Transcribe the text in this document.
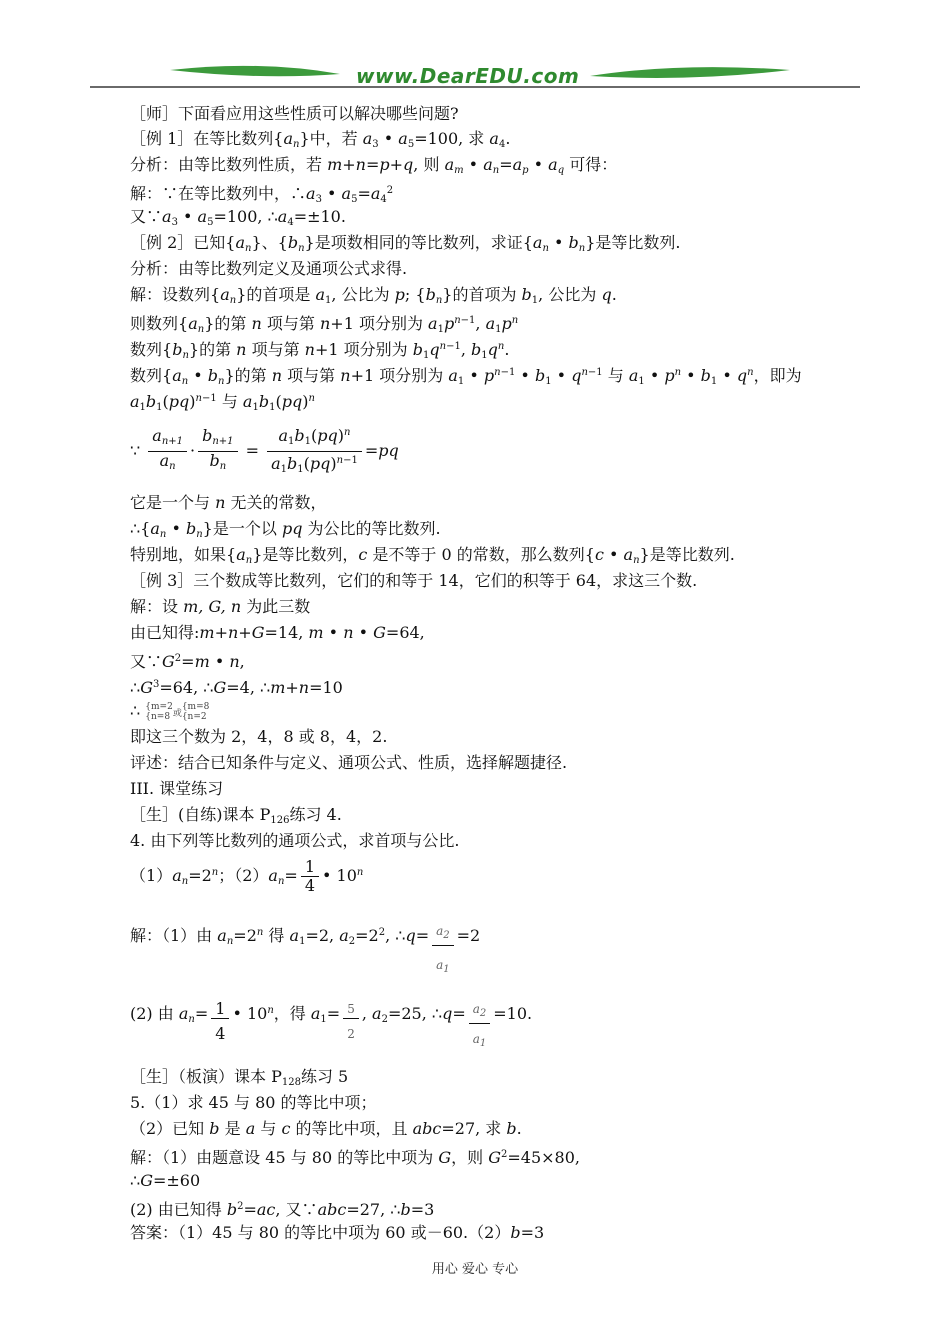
www.DearEDU.com
［师］下面看应用这些性质可以解决哪些问题?
［例 1］在等比数列$\{a_n\}$中，若 $a_3$ • $a_5=100$, 求 $a_4$.
分析：由等比数列性质，若 m+n=p+q, 则 $a_m$ • $a_n=a_p$ • $a_q$ 可得：
解：∵在等比数列中，$\therefore a_3$ • $a_5=a_4^2$
又$\because a_3$ • $a_5=100$, $\therefore a_4=\pm 10$.
［例 2］已知$\{a_n\}$、$\{b_n\}$是项数相同的等比数列，求证{$a_n$ • $b_n$}是等比数列.
分析：由等比数列定义及通项公式求得.
解：设数列$\{a_n\}$的首项是 $a_1$, 公比为 p; $\{b_n\}$的首项为 $b_1$, 公比为 q.
则数列$\{a_n\}$的第 n 项与第 n+1 项分别为 $a_1p^{n-1}$, $a_1p^n$
数列$\{b_n\}$的第 n 项与第 n+1 项分别为 $b_1q^{n-1}$, $b_1q^n$.
数列{$a_n$ • $b_n$}的第 n 项与第 n+1 项分别为 $a_1$ • $p^{n-1}$ • $b_1$ • $q^{n-1}$ 与 $a_1$ • $p^n$ • $b_1$ • $q^n$，即为
$a_1b_1(pq)^{n-1}$ 与 $a_1b_1(pq)^n$
∵ $\frac{a_{n+1}}{a_n} \cdot \frac{b_{n+1}}{b_n} = \frac{a_1b_1(pq)^n}{a_1b_1(pq)^{n-1}} =pq$
它是一个与 n 无关的常数，
$\therefore\{a_n$ • $b_n$}是一个以 pq 为公比的等比数列.
特别地，如果$\{a_n\}$是等比数列，c 是不等于 0 的常数，那么数列{c • $a_n$}是等比数列.
［例 3］三个数成等比数列，它们的和等于 14，它们的积等于 64，求这三个数.
解：设 m, G, n 为此三数
由已知得:m+n+G=14, m • n • G=64,
又$\because G^2=m$ • n,
$\therefore G^3=64$, ∴G=4, ∴m+n=10
∴ {m=2
{n=8 或{m=8
{n=2
即这三个数为 2，4，8 或 8，4，2.
评述：结合已知条件与定义、通项公式、性质，选择解题捷径.
III. 课堂练习
［生］(自练)课本 $P_{126}$练习 4.
4. 由下列等比数列的通项公式，求首项与公比.
$(1)a_n=2^n$；$(2)a_n= \frac{1}{4}$ • 10$^n$
解：（1）由 $a_n=2^n$ 得 $a_1=2$, $a_2=2^2$, ∴q= $\frac{a_2}{a_1} =2$
(2) 由 $a_n= \frac{1}{4}$ • 10$^n$，得 $a_1= \frac{5}{2}$ , $a_2=25$, ∴q= $\frac{a_2}{a_1} =10$.
［生］（板演）课本 $P_{128}$练习 5
5.（1）求 45 与 80 的等比中项；
（2）已知 b 是 a 与 c 的等比中项，且 abc=27, 求 b.
解：（1）由题意设 45 与 80 的等比中项为 G，则 $G^2=45\times 80$,
∴G=±60
(2) 由已知得 $b^2=ac$, 又∵abc=27, ∴b=3
答案：（1）45 与 80 的等比中项为 60 或－60.（2）b=3
用心 爱心 专心
